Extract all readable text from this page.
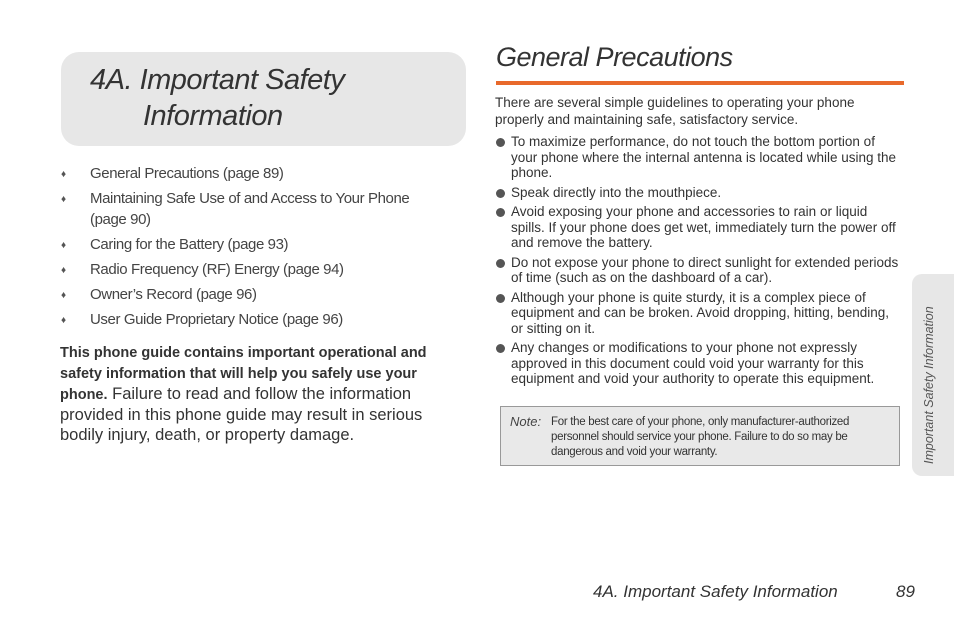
4A. Important Safety
Information
♦ General Precautions (page 89)
♦ Maintaining Safe Use of and Access to Your Phone (page 90)
♦ Caring for the Battery (page 93)
♦ Radio Frequency (RF) Energy (page 94)
♦ Owner’s Record (page 96)
♦ User Guide Proprietary Notice (page 96)

This phone guide contains important operational and safety information that will help you safely use your phone. Failure to read and follow the information provided in this phone guide may result in serious bodily injury, death, or property damage.

General Precautions

There are several simple guidelines to operating your phone properly and maintaining safe, satisfactory service.

To maximize performance, do not touch the bottom portion of your phone where the internal antenna is located while using the phone.
Speak directly into the mouthpiece.
Avoid exposing your phone and accessories to rain or liquid spills. If your phone does get wet, immediately turn the power off and remove the battery.
Do not expose your phone to direct sunlight for extended periods of time (such as on the dashboard of a car).
Although your phone is quite sturdy, it is a complex piece of equipment and can be broken. Avoid dropping, hitting, bending, or sitting on it.
Any changes or modifications to your phone not expressly approved in this document could void your warranty for this equipment and void your authority to operate this equipment.
Note: For the best care of your phone, only manufacturer-authorized personnel should service your phone. Failure to do so may be dangerous and void your warranty.	Important Safety Information
4A. Important Safety Information	89
